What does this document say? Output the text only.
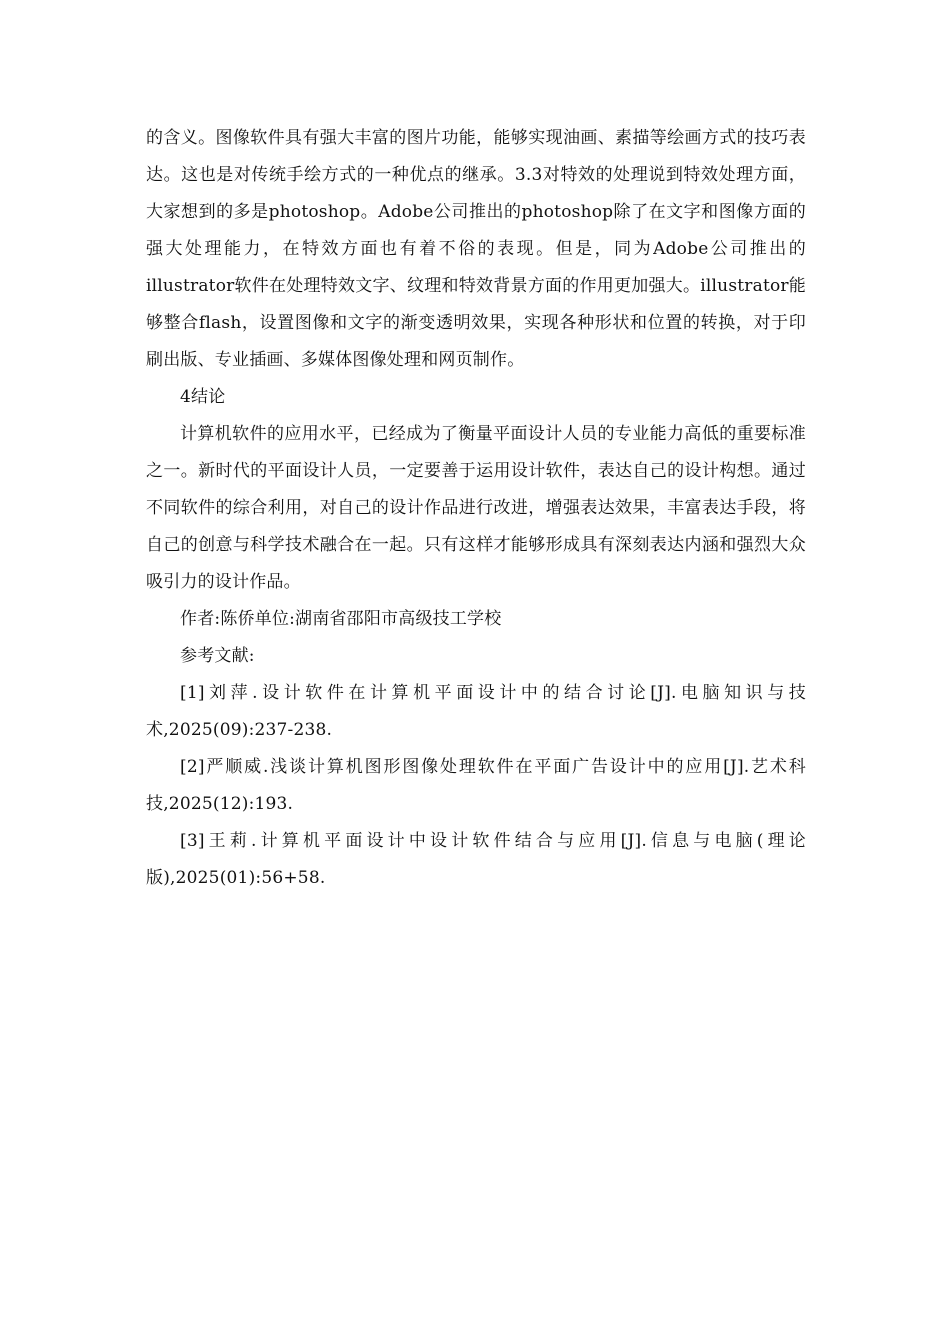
的含义。图像软件具有强大丰富的图片功能，能够实现油画、素描等绘画方式的技巧表达。这也是对传统手绘方式的一种优点的继承。3.3对特效的处理说到特效处理方面，大家想到的多是photoshop。Adobe公司推出的photoshop除了在文字和图像方面的强大处理能力，在特效方面也有着不俗的表现。但是，同为Adobe公司推出的illustrator软件在处理特效文字、纹理和特效背景方面的作用更加强大。illustrator能够整合flash，设置图像和文字的渐变透明效果，实现各种形状和位置的转换，对于印刷出版、专业插画、多媒体图像处理和网页制作。

4结论

计算机软件的应用水平，已经成为了衡量平面设计人员的专业能力高低的重要标准之一。新时代的平面设计人员，一定要善于运用设计软件，表达自己的设计构想。通过不同软件的综合利用，对自己的设计作品进行改进，增强表达效果，丰富表达手段，将自己的创意与科学技术融合在一起。只有这样才能够形成具有深刻表达内涵和强烈大众吸引力的设计作品。

作者:陈侨单位:湖南省邵阳市高级技工学校

参考文献:

[1]刘萍.设计软件在计算机平面设计中的结合讨论[J].电脑知识与技术,2025(09):237-238.

[2]严顺威.浅谈计算机图形图像处理软件在平面广告设计中的应用[J].艺术科技,2025(12):193.

[3]王莉.计算机平面设计中设计软件结合与应用[J].信息与电脑(理论版),2025(01):56+58.
